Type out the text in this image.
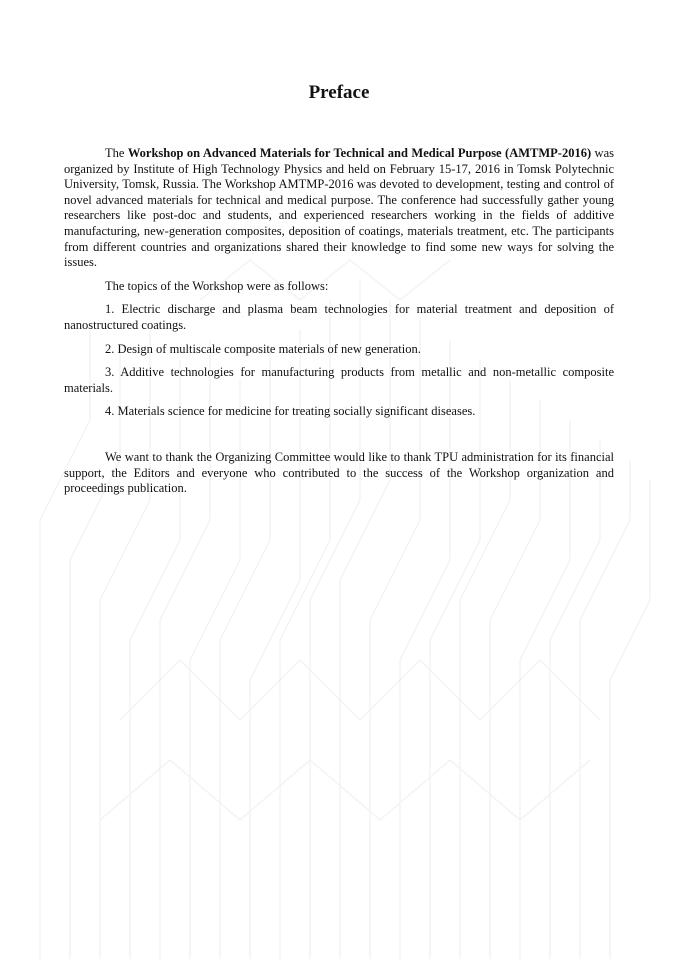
Preface

The Workshop on Advanced Materials for Technical and Medical Purpose (AMTMP-2016) was organized by Institute of High Technology Physics and held on February 15-17, 2016 in Tomsk Polytechnic University, Tomsk, Russia. The Workshop AMTMP-2016 was devoted to development, testing and control of novel advanced materials for technical and medical purpose. The conference had successfully gather young researchers like post-doc and students, and experienced researchers working in the fields of additive manufacturing, new-generation composites, deposition of coatings, materials treatment, etc. The participants from different countries and organizations shared their knowledge to find some new ways for solving the issues.

The topics of the Workshop were as follows:

1. Electric discharge and plasma beam technologies for material treatment and deposition of nanostructured coatings.

2. Design of multiscale composite materials of new generation.

3. Additive technologies for manufacturing products from metallic and non-metallic composite materials.

4. Materials science for medicine for treating socially significant diseases.

We want to thank the Organizing Committee would like to thank TPU administration for its financial support, the Editors and everyone who contributed to the success of the Workshop organization and proceedings publication.
